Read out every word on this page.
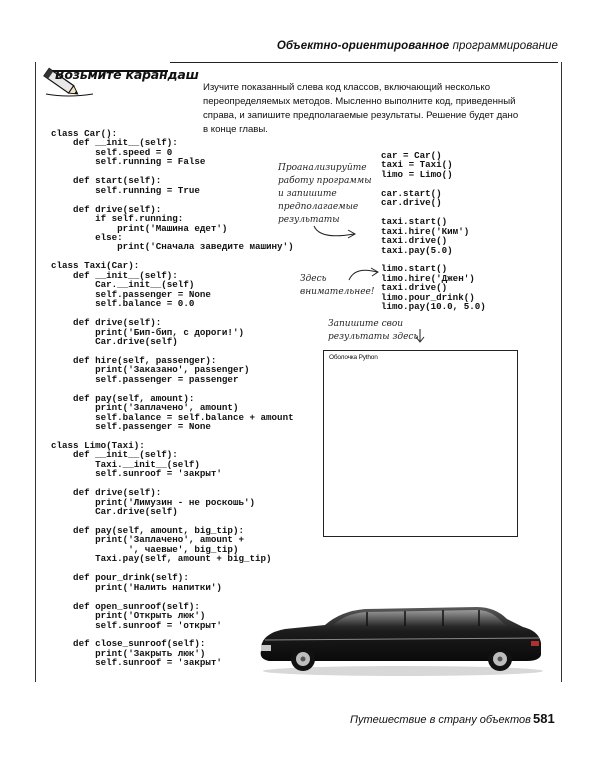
Объектно-ориентированное программирование
Возьмите карандаш
Изучите показанный слева код классов, включающий несколько
переопределяемых методов. Мысленно выполните код, приведенный
справа, и запишите предполагаемые результаты. Решение будет дано
в конце главы.
class Car():
def __init__(self):
self.speed = 0
self.running = False

def start(self):
self.running = True

def drive(self):
if self.running:
print('Машина едет')
else:
print('Сначала заведите машину')

class Taxi(Car):
def __init__(self):
Car.__init__(self)
self.passenger = None
self.balance = 0.0

def drive(self):
print('Бип-бип, с дороги!')
Car.drive(self)

def hire(self, passenger):
print('Заказано', passenger)
self.passenger = passenger

def pay(self, amount):
print('Заплачено', amount)
self.balance = self.balance + amount
self.passenger = None

class Limo(Taxi):
def __init__(self):
Taxi.__init__(self)
self.sunroof = 'закрыт'

def drive(self):
print('Лимузин - не роскошь')
Car.drive(self)

def pay(self, amount, big_tip):
print('Заплачено', amount +
', чаевые', big_tip)
Taxi.pay(self, amount + big_tip)

def pour_drink(self):
print('Налить напитки')

def open_sunroof(self):
print('Открыть люк')
self.sunroof = 'открыт'

def close_sunroof(self):
print('Закрыть люк')
self.sunroof = 'закрыт'
car = Car()
taxi = Taxi()
limo = Limo()

car.start()
car.drive()

taxi.start()
taxi.hire('Ким')
taxi.drive()
taxi.pay(5.0)

limo.start()
limo.hire('Джен')
taxi.drive()
limo.pour_drink()
limo.pay(10.0, 5.0)
Проанализируйте
работу программы
и запишите
предполагаемые
результаты
Здесь
внимательнее!
Запишите свои
результаты здесь
Оболочка Python
Путешествие в страну объектов 581
